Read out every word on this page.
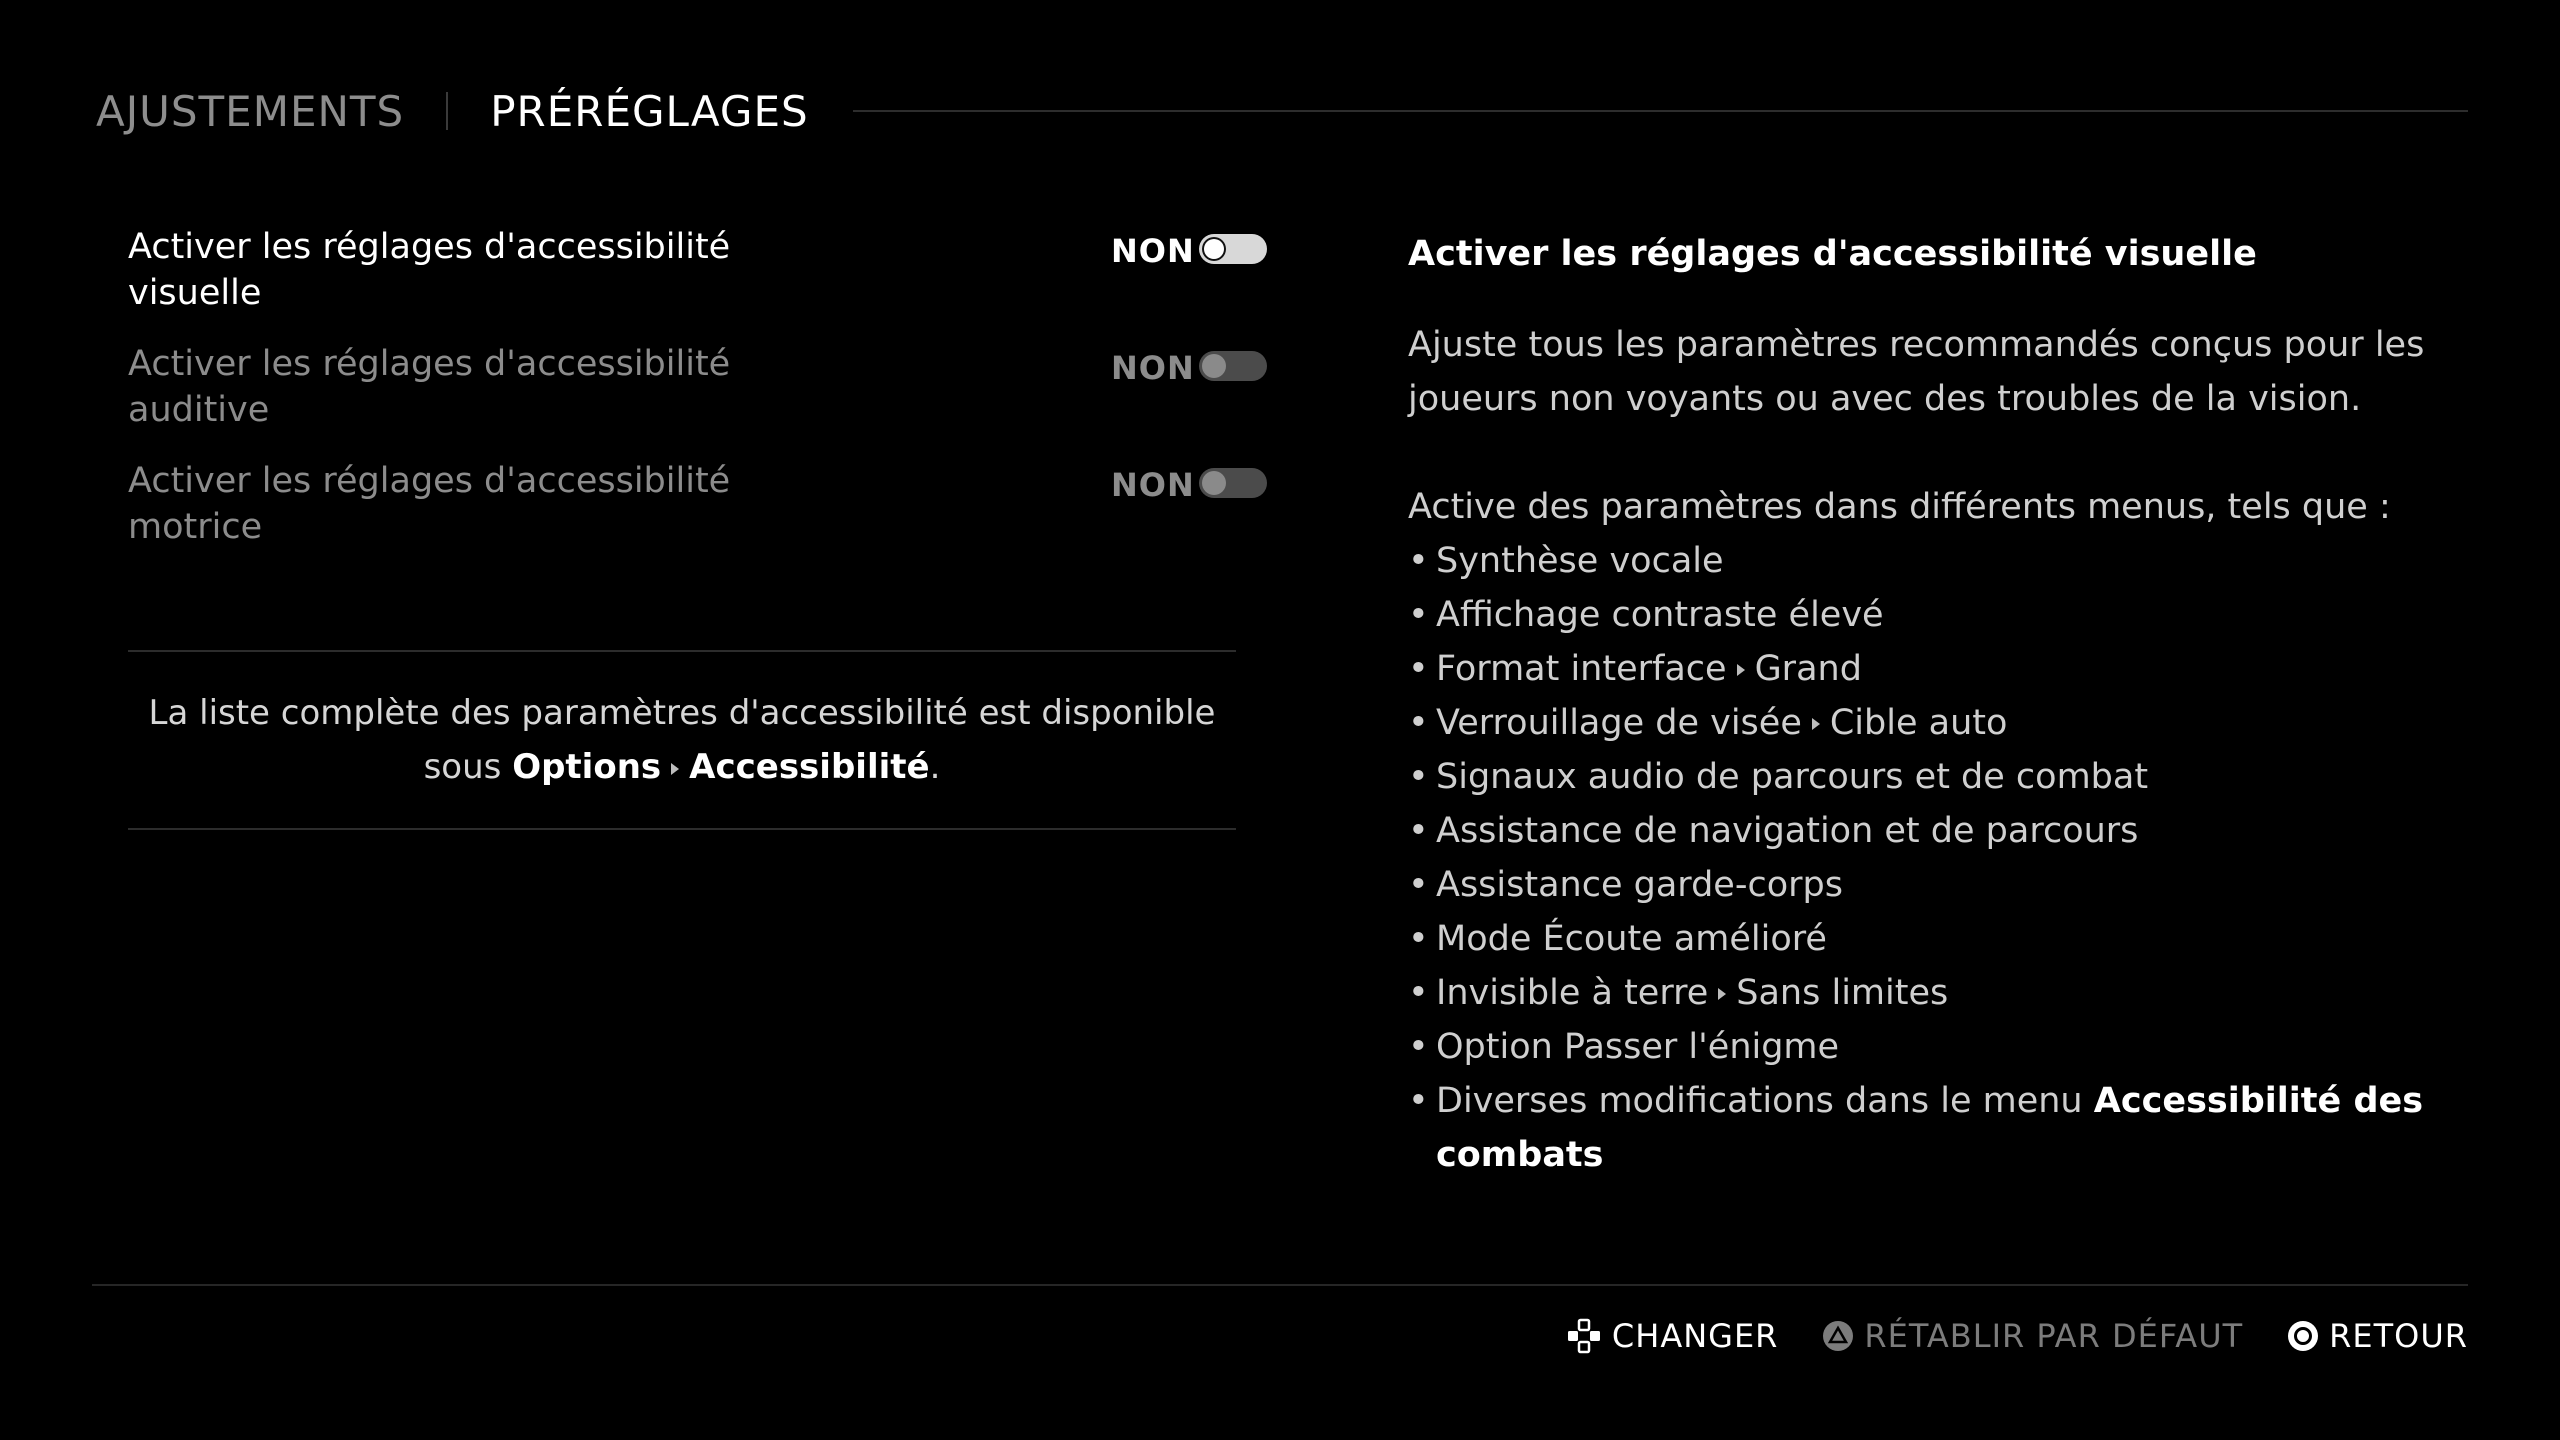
AJUSTEMENTS PRÉRÉGLAGES
Activer les réglages d'accessibilité visuelle
NON
Activer les réglages d'accessibilité auditive
NON
Activer les réglages d'accessibilité motrice
NON
La liste complète des paramètres d'accessibilité est disponible
sous Options Accessibilité.
Activer les réglages d'accessibilité visuelle
Ajuste tous les paramètres recommandés conçus pour les joueurs non voyants ou avec des troubles de la vision.
Active des paramètres dans différents menus, tels que :
• Synthèse vocale
• Affichage contraste élevé
• Format interface Grand
• Verrouillage de visée Cible auto
• Signaux audio de parcours et de combat
• Assistance de navigation et de parcours
• Assistance garde-corps
• Mode Écoute amélioré
• Invisible à terre Sans limites
• Option Passer l'énigme
• Diverses modifications dans le menu Accessibilité des combats
CHANGER	RÉTABLIR PAR DÉFAUT	RETOUR
